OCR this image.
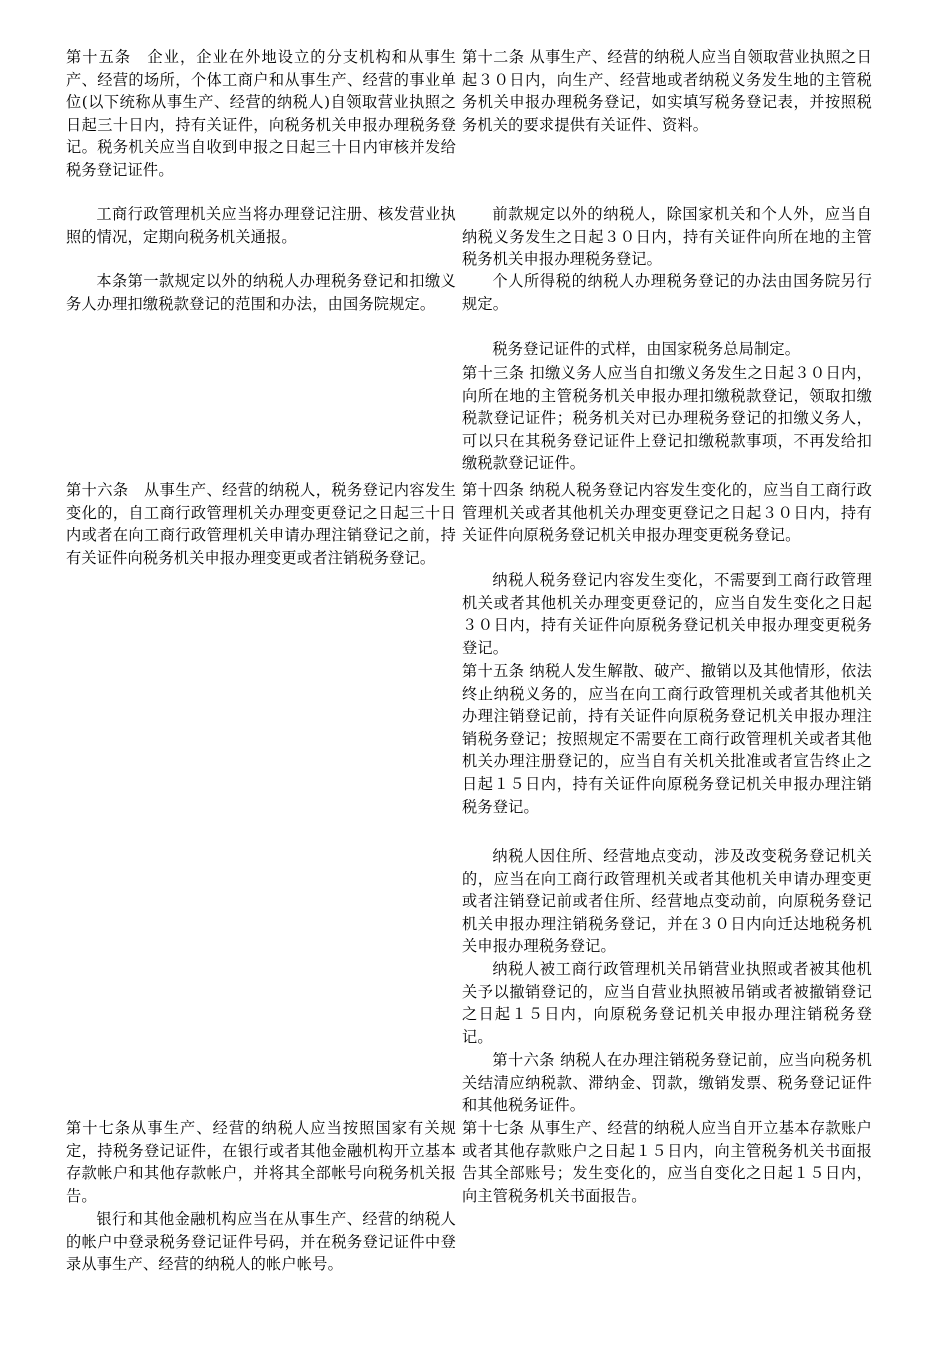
第十五条　企业，企业在外地设立的分支机构和从事生产、经营的场所，个体工商户和从事生产、经营的事业单位(以下统称从事生产、经营的纳税人)自领取营业执照之日起三十日内，持有关证件，向税务机关申报办理税务登记。税务机关应当自收到申报之日起三十日内审核并发给税务登记证件。

工商行政管理机关应当将办理登记注册、核发营业执照的情况，定期向税务机关通报。

本条第一款规定以外的纳税人办理税务登记和扣缴义务人办理扣缴税款登记的范围和办法，由国务院规定。

第十六条　从事生产、经营的纳税人，税务登记内容发生变化的，自工商行政管理机关办理变更登记之日起三十日内或者在向工商行政管理机关申请办理注销登记之前，持有关证件向税务机关申报办理变更或者注销税务登记。

第十七条从事生产、经营的纳税人应当按照国家有关规定，持税务登记证件，在银行或者其他金融机构开立基本存款帐户和其他存款帐户，并将其全部帐号向税务机关报告。

银行和其他金融机构应当在从事生产、经营的纳税人的帐户中登录税务登记证件号码，并在税务登记证件中登录从事生产、经营的纳税人的帐户帐号。

第十二条 从事生产、经营的纳税人应当自领取营业执照之日起３０日内，向生产、经营地或者纳税义务发生地的主管税务机关申报办理税务登记，如实填写税务登记表，并按照税务机关的要求提供有关证件、资料。

前款规定以外的纳税人，除国家机关和个人外，应当自纳税义务发生之日起３０日内，持有关证件向所在地的主管税务机关申报办理税务登记。

个人所得税的纳税人办理税务登记的办法由国务院另行规定。

税务登记证件的式样，由国家税务总局制定。

第十三条 扣缴义务人应当自扣缴义务发生之日起３０日内，向所在地的主管税务机关申报办理扣缴税款登记，领取扣缴税款登记证件；税务机关对已办理税务登记的扣缴义务人，可以只在其税务登记证件上登记扣缴税款事项，不再发给扣缴税款登记证件。

第十四条 纳税人税务登记内容发生变化的，应当自工商行政管理机关或者其他机关办理变更登记之日起３０日内，持有关证件向原税务登记机关申报办理变更税务登记。

纳税人税务登记内容发生变化，不需要到工商行政管理机关或者其他机关办理变更登记的，应当自发生变化之日起３０日内，持有关证件向原税务登记机关申报办理变更税务登记。

第十五条 纳税人发生解散、破产、撤销以及其他情形，依法终止纳税义务的，应当在向工商行政管理机关或者其他机关办理注销登记前，持有关证件向原税务登记机关申报办理注销税务登记；按照规定不需要在工商行政管理机关或者其他机关办理注册登记的，应当自有关机关批准或者宣告终止之日起１５日内，持有关证件向原税务登记机关申报办理注销税务登记。

纳税人因住所、经营地点变动，涉及改变税务登记机关的，应当在向工商行政管理机关或者其他机关申请办理变更或者注销登记前或者住所、经营地点变动前，向原税务登记机关申报办理注销税务登记，并在３０日内向迁达地税务机关申报办理税务登记。

纳税人被工商行政管理机关吊销营业执照或者被其他机关予以撤销登记的，应当自营业执照被吊销或者被撤销登记之日起１５日内，向原税务登记机关申报办理注销税务登记。

第十六条 纳税人在办理注销税务登记前，应当向税务机关结清应纳税款、滞纳金、罚款，缴销发票、税务登记证件和其他税务证件。

第十七条 从事生产、经营的纳税人应当自开立基本存款账户或者其他存款账户之日起１５日内，向主管税务机关书面报告其全部账号；发生变化的，应当自变化之日起１５日内，向主管税务机关书面报告。
